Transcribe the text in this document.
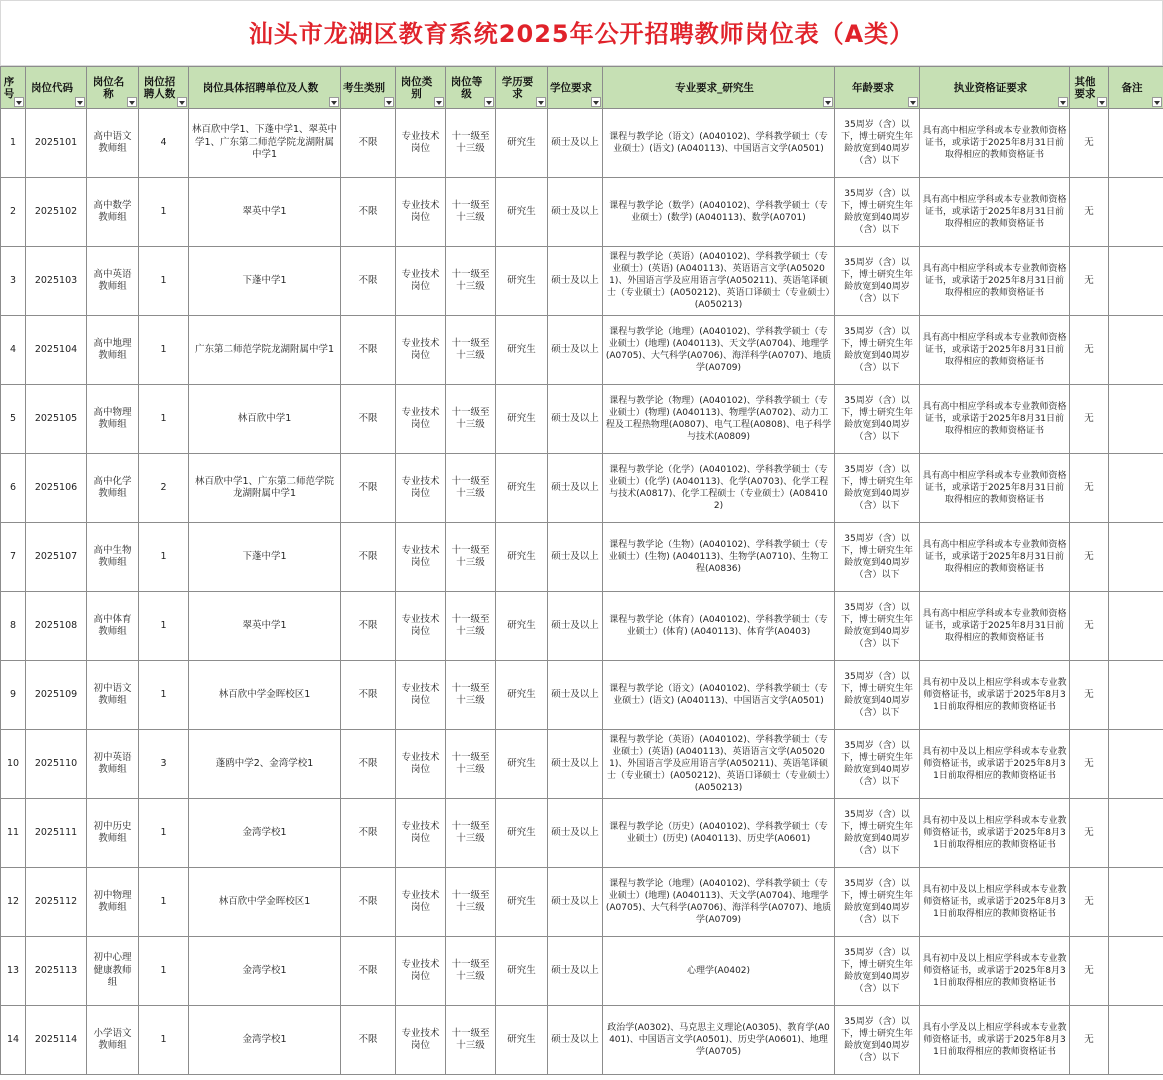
汕头市龙湖区教育系统2025年公开招聘教师岗位表（A类）
序号	岗位代码	岗位名称	岗位招聘人数	岗位具体招聘单位及人数	考生类别	岗位类别	岗位等级	学历要求	学位要求	专业要求_研究生	年龄要求	执业资格证要求	其他要求	备注

1	2025101	高中语文教师组	4	林百欣中学1、下蓬中学1、翠英中学1、广东第二师范学院龙湖附属中学1	不限	专业技术岗位	十一级至十三级	研究生	硕士及以上	课程与教学论（语文）(A040102)、学科教学硕士（专业硕士）(语文) (A040113)、中国语言文学(A0501)	35周岁（含）以下，博士研究生年龄放宽到40周岁（含）以下	具有高中相应学科或本专业教师资格证书，或承诺于2025年8月31日前取得相应的教师资格证书	无	
2	2025102	高中数学教师组	1	翠英中学1	不限	专业技术岗位	十一级至十三级	研究生	硕士及以上	课程与教学论（数学）(A040102)、学科教学硕士（专业硕士）(数学) (A040113)、数学(A0701)	35周岁（含）以下，博士研究生年龄放宽到40周岁（含）以下	具有高中相应学科或本专业教师资格证书，或承诺于2025年8月31日前取得相应的教师资格证书	无	
3	2025103	高中英语教师组	1	下蓬中学1	不限	专业技术岗位	十一级至十三级	研究生	硕士及以上	课程与教学论（英语）(A040102)、学科教学硕士（专业硕士）(英语) (A040113)、英语语言文学(A050201)、外国语言学及应用语言学(A050211)、英语笔译硕士（专业硕士）(A050212)、英语口译硕士（专业硕士）(A050213)	35周岁（含）以下，博士研究生年龄放宽到40周岁（含）以下	具有高中相应学科或本专业教师资格证书，或承诺于2025年8月31日前取得相应的教师资格证书	无	
4	2025104	高中地理教师组	1	广东第二师范学院龙湖附属中学1	不限	专业技术岗位	十一级至十三级	研究生	硕士及以上	课程与教学论（地理）(A040102)、学科教学硕士（专业硕士）(地理) (A040113)、天文学(A0704)、地理学(A0705)、大气科学(A0706)、海洋科学(A0707)、地质学(A0709)	35周岁（含）以下，博士研究生年龄放宽到40周岁（含）以下	具有高中相应学科或本专业教师资格证书，或承诺于2025年8月31日前取得相应的教师资格证书	无	
5	2025105	高中物理教师组	1	林百欣中学1	不限	专业技术岗位	十一级至十三级	研究生	硕士及以上	课程与教学论（物理）(A040102)、学科教学硕士（专业硕士）(物理) (A040113)、物理学(A0702)、动力工程及工程热物理(A0807)、电气工程(A0808)、电子科学与技术(A0809)	35周岁（含）以下，博士研究生年龄放宽到40周岁（含）以下	具有高中相应学科或本专业教师资格证书，或承诺于2025年8月31日前取得相应的教师资格证书	无	
6	2025106	高中化学教师组	2	林百欣中学1、广东第二师范学院龙湖附属中学1	不限	专业技术岗位	十一级至十三级	研究生	硕士及以上	课程与教学论（化学）(A040102)、学科教学硕士（专业硕士）(化学) (A040113)、化学(A0703)、化学工程与技术(A0817)、化学工程硕士（专业硕士）(A084102)	35周岁（含）以下，博士研究生年龄放宽到40周岁（含）以下	具有高中相应学科或本专业教师资格证书，或承诺于2025年8月31日前取得相应的教师资格证书	无	
7	2025107	高中生物教师组	1	下蓬中学1	不限	专业技术岗位	十一级至十三级	研究生	硕士及以上	课程与教学论（生物）(A040102)、学科教学硕士（专业硕士）(生物) (A040113)、生物学(A0710)、生物工程(A0836)	35周岁（含）以下，博士研究生年龄放宽到40周岁（含）以下	具有高中相应学科或本专业教师资格证书，或承诺于2025年8月31日前取得相应的教师资格证书	无	
8	2025108	高中体育教师组	1	翠英中学1	不限	专业技术岗位	十一级至十三级	研究生	硕士及以上	课程与教学论（体育）(A040102)、学科教学硕士（专业硕士）(体育) (A040113)、体育学(A0403)	35周岁（含）以下，博士研究生年龄放宽到40周岁（含）以下	具有高中相应学科或本专业教师资格证书，或承诺于2025年8月31日前取得相应的教师资格证书	无	
9	2025109	初中语文教师组	1	林百欣中学金晖校区1	不限	专业技术岗位	十一级至十三级	研究生	硕士及以上	课程与教学论（语文）(A040102)、学科教学硕士（专业硕士）(语文) (A040113)、中国语言文学(A0501)	35周岁（含）以下，博士研究生年龄放宽到40周岁（含）以下	具有初中及以上相应学科或本专业教师资格证书，或承诺于2025年8月31日前取得相应的教师资格证书	无	
10	2025110	初中英语教师组	3	蓬鸥中学2、金湾学校1	不限	专业技术岗位	十一级至十三级	研究生	硕士及以上	课程与教学论（英语）(A040102)、学科教学硕士（专业硕士）(英语) (A040113)、英语语言文学(A050201)、外国语言学及应用语言学(A050211)、英语笔译硕士（专业硕士）(A050212)、英语口译硕士（专业硕士）(A050213)	35周岁（含）以下，博士研究生年龄放宽到40周岁（含）以下	具有初中及以上相应学科或本专业教师资格证书，或承诺于2025年8月31日前取得相应的教师资格证书	无	
11	2025111	初中历史教师组	1	金湾学校1	不限	专业技术岗位	十一级至十三级	研究生	硕士及以上	课程与教学论（历史）(A040102)、学科教学硕士（专业硕士）(历史) (A040113)、历史学(A0601)	35周岁（含）以下，博士研究生年龄放宽到40周岁（含）以下	具有初中及以上相应学科或本专业教师资格证书，或承诺于2025年8月31日前取得相应的教师资格证书	无	
12	2025112	初中物理教师组	1	林百欣中学金晖校区1	不限	专业技术岗位	十一级至十三级	研究生	硕士及以上	课程与教学论（地理）(A040102)、学科教学硕士（专业硕士）(地理) (A040113)、天文学(A0704)、地理学(A0705)、大气科学(A0706)、海洋科学(A0707)、地质学(A0709)	35周岁（含）以下，博士研究生年龄放宽到40周岁（含）以下	具有初中及以上相应学科或本专业教师资格证书，或承诺于2025年8月31日前取得相应的教师资格证书	无	
13	2025113	初中心理健康教师组	1	金湾学校1	不限	专业技术岗位	十一级至十三级	研究生	硕士及以上	心理学(A0402)	35周岁（含）以下，博士研究生年龄放宽到40周岁（含）以下	具有初中及以上相应学科或本专业教师资格证书，或承诺于2025年8月31日前取得相应的教师资格证书	无	
14	2025114	小学语文教师组	1	金湾学校1	不限	专业技术岗位	十一级至十三级	研究生	硕士及以上	政治学(A0302)、马克思主义理论(A0305)、教育学(A0401)、中国语言文学(A0501)、历史学(A0601)、地理学(A0705)	35周岁（含）以下，博士研究生年龄放宽到40周岁（含）以下	具有小学及以上相应学科或本专业教师资格证书，或承诺于2025年8月31日前取得相应的教师资格证书	无	
